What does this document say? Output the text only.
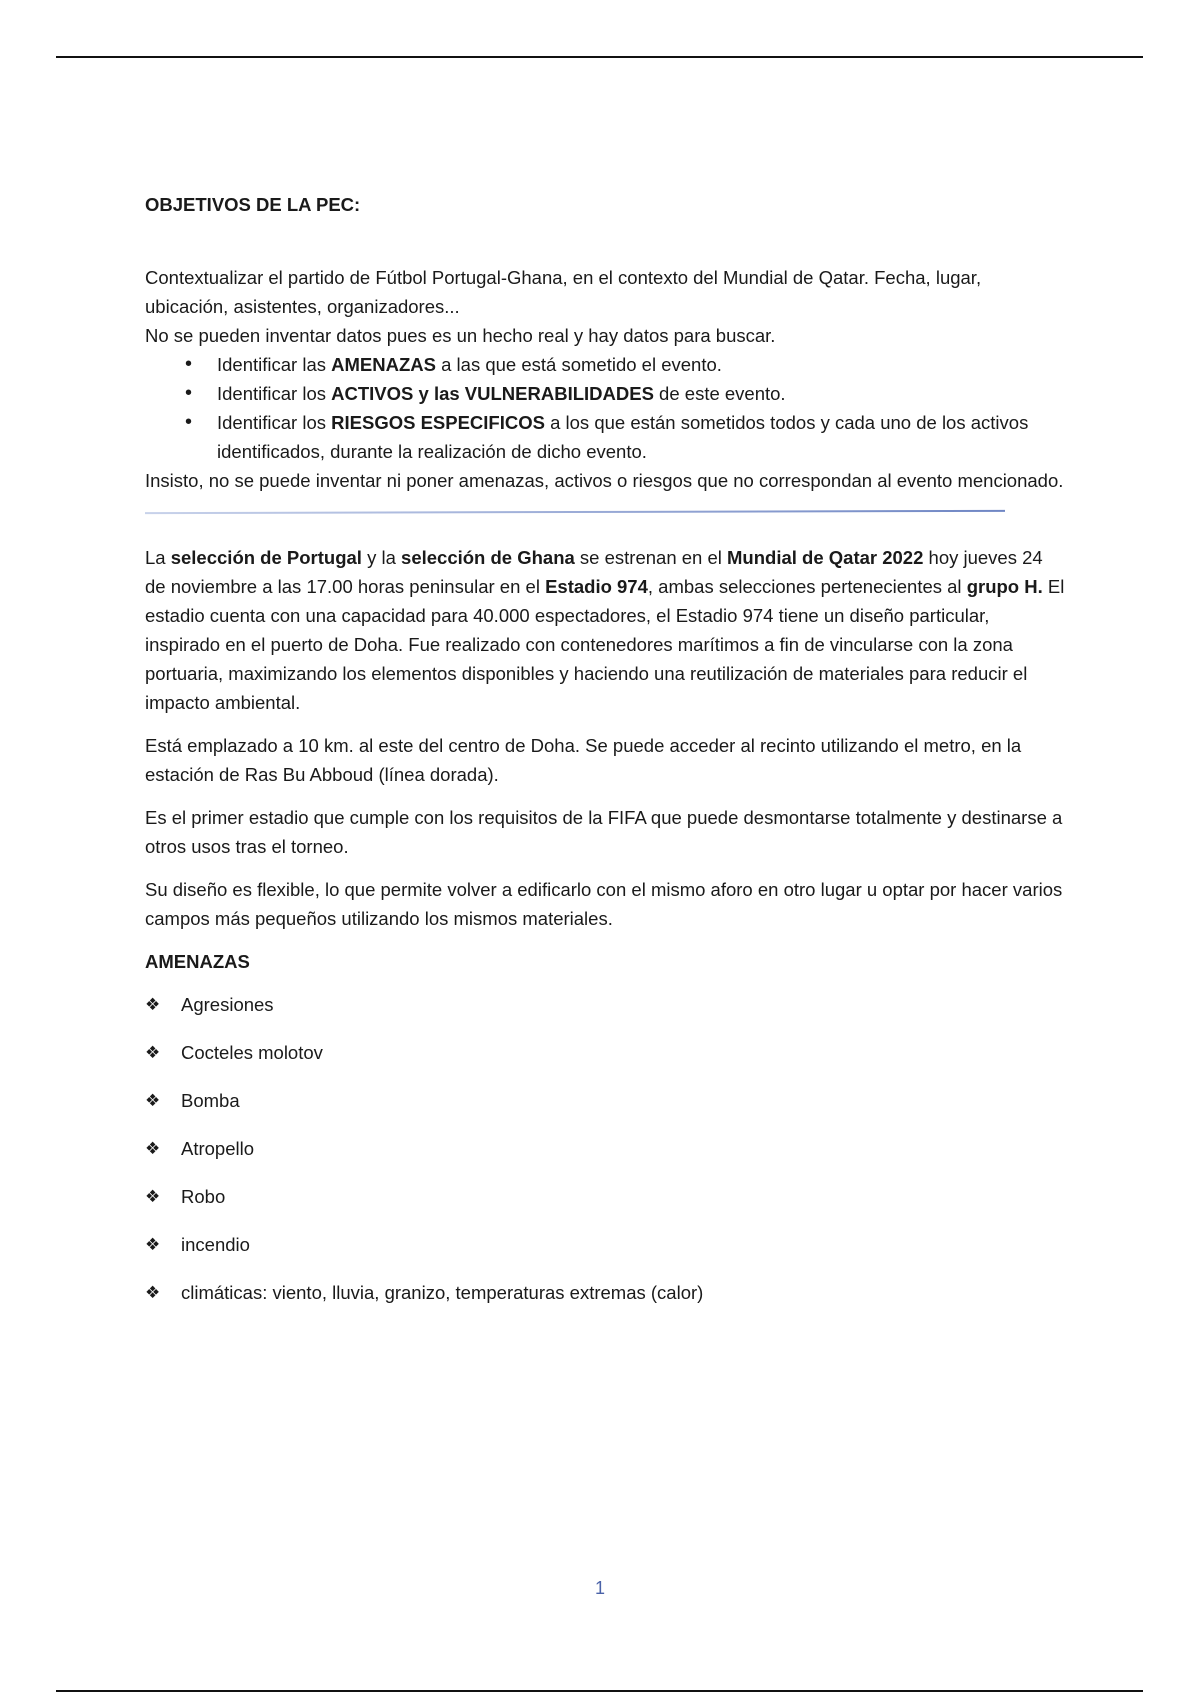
OBJETIVOS DE LA PEC:

Contextualizar el partido de Fútbol Portugal-Ghana, en el contexto del Mundial de Qatar. Fecha, lugar, ubicación, asistentes, organizadores...

No se pueden inventar datos pues es un hecho real y hay datos para buscar.

• Identificar las AMENAZAS a las que está sometido el evento.
• Identificar los ACTIVOS y las VULNERABILIDADES de este evento.
• Identificar los RIESGOS ESPECIFICOS a los que están sometidos todos y cada uno de los activos identificados, durante la realización de dicho evento.

Insisto, no se puede inventar ni poner amenazas, activos o riesgos que no correspondan al evento mencionado.

La selección de Portugal y la selección de Ghana se estrenan en el Mundial de Qatar 2022 hoy jueves 24 de noviembre a las 17.00 horas peninsular en el Estadio 974, ambas selecciones pertenecientes al grupo H. El estadio cuenta con una capacidad para 40.000 espectadores, el Estadio 974 tiene un diseño particular, inspirado en el puerto de Doha. Fue realizado con contenedores marítimos a fin de vincularse con la zona portuaria, maximizando los elementos disponibles y haciendo una reutilización de materiales para reducir el impacto ambiental.

Está emplazado a 10 km. al este del centro de Doha. Se puede acceder al recinto utilizando el metro, en la estación de Ras Bu Abboud (línea dorada).

Es el primer estadio que cumple con los requisitos de la FIFA que puede desmontarse totalmente y destinarse a otros usos tras el torneo.

Su diseño es flexible, lo que permite volver a edificarlo con el mismo aforo en otro lugar u optar por hacer varios campos más pequeños utilizando los mismos materiales.

AMENAZAS

❖ Agresiones
❖ Cocteles molotov
❖ Bomba
❖ Atropello
❖ Robo
❖ incendio
❖ climáticas: viento, lluvia, granizo, temperaturas extremas (calor)
1
